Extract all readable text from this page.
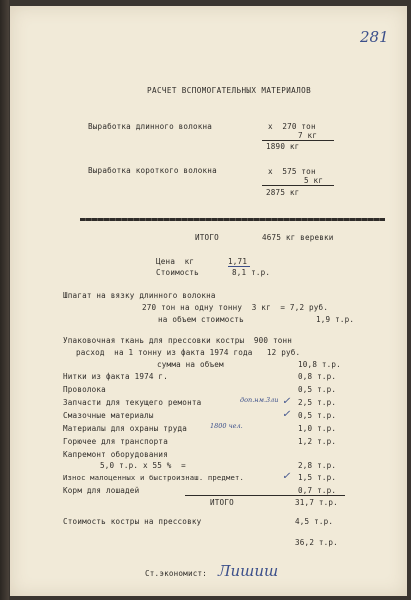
281
РАСЧЕТ ВСПОМОГАТЕЛЬНЫХ МАТЕРИАЛОВ
Выработка длинного волокна	х  270 тон
7 кг
1890 кг
Выработка короткого волокна	х  575 тон
5 кг
2875 кг
ИТОГО	4675 кг веревки
Цена  кг	1,71
Стоимость	8,1 т.р.
Шпагат на вязку длинного волокна
270 тон на одну тонну  3 кг  = 7,2 руб.
на объем стоимость	1,9 т.р.
Упаковочная ткань для прессовки костры  900 тонн
расход  на 1 тонну из факта 1974 года   12 руб.
сумма на объем	10,8 т.р.
Нитки из факта 1974 г.	0,8 т.р.
Проволока	0,5 т.р.
Запчасти для текущего ремонта	доп.нм.3ли ✓ 2,5 т.р.
Смазочные материалы	✓ 0,5 т.р.
Материалы для охраны труда	1800 чел.	1,0 т.р.
Горючее для транспорта	1,2 т.р.
Капремонт оборудования
5,0 т.р. х 55 %  =	2,8 т.р.
Износ малоценных и быстроизнаш. предмет.	✓ 1,5 т.р.
Корм для лошадей	0,7 т.р.
ИТОГО	31,7 т.р.
Стоимость костры на прессовку	4,5 т.р.
36,2 т.р.
Ст.экономист: Лишиш
